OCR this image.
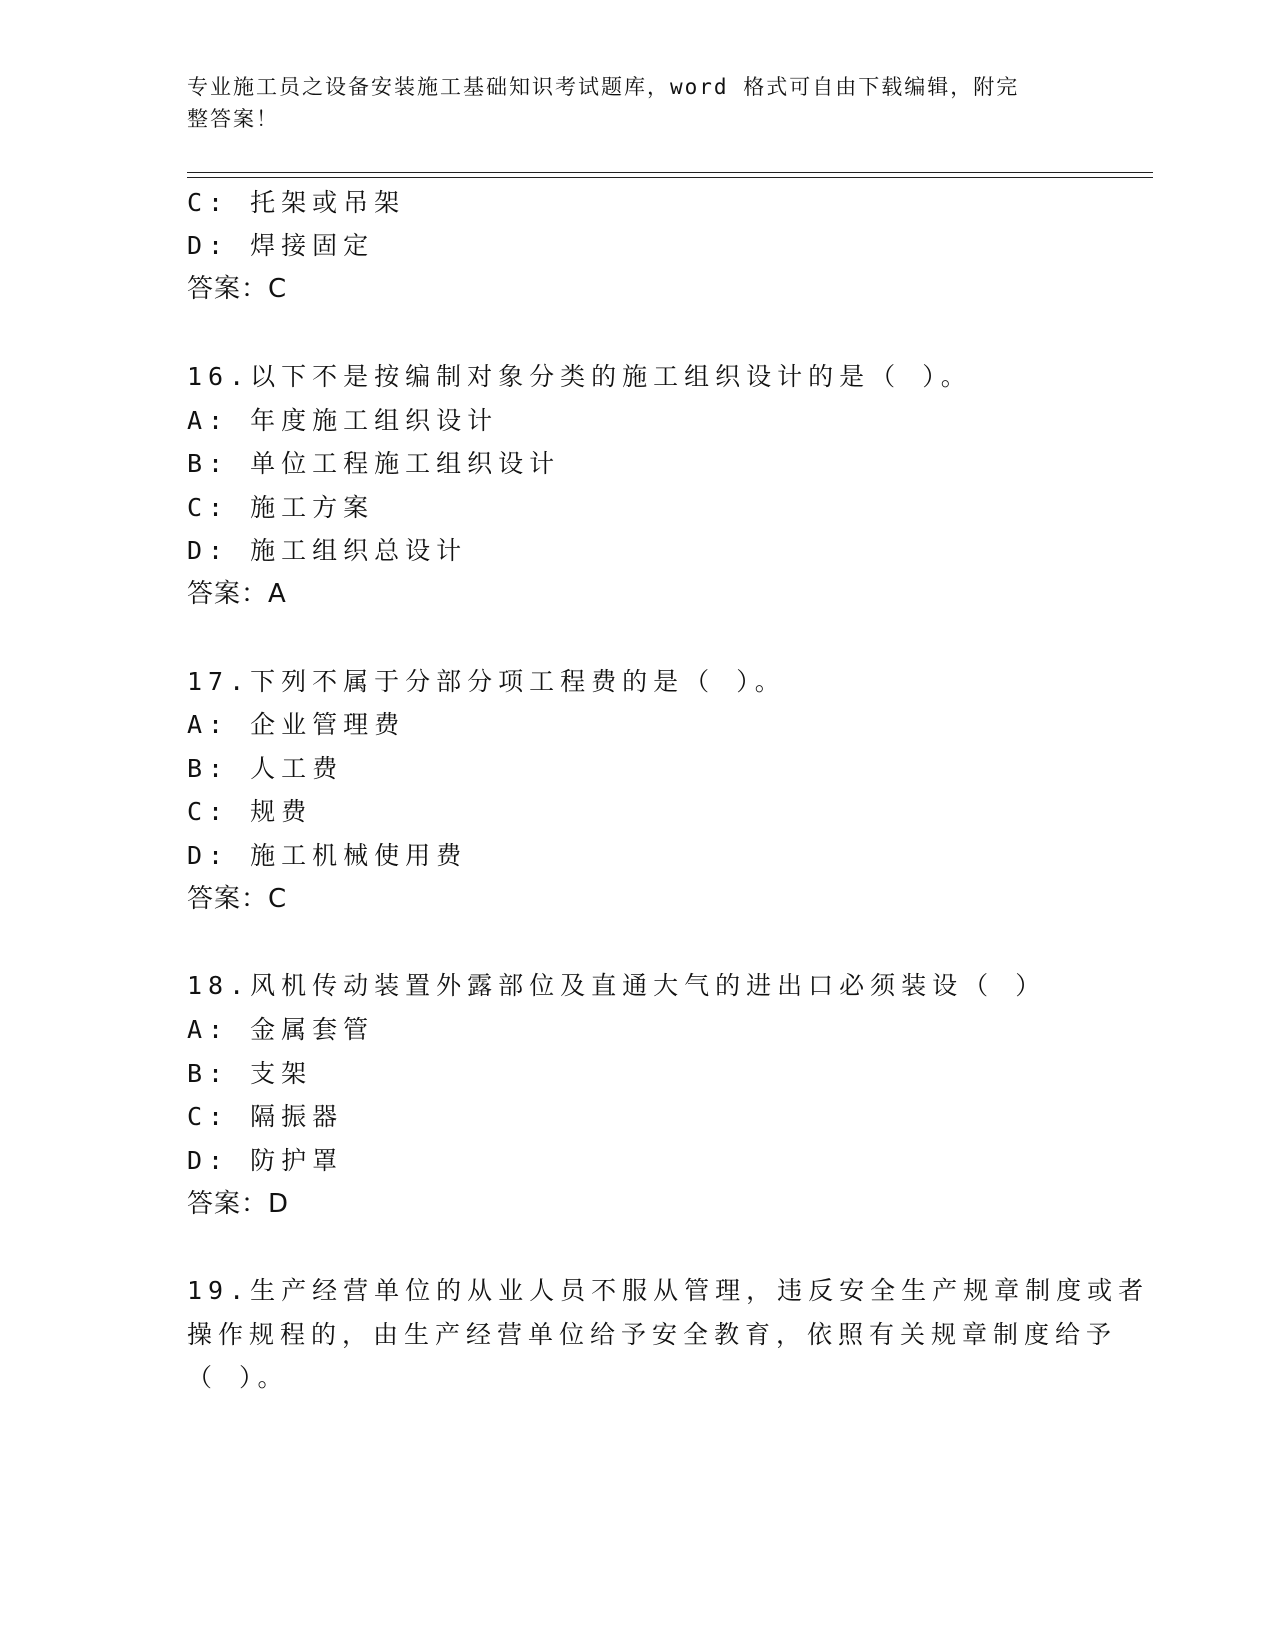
专业施工员之设备安装施工基础知识考试题库，word 格式可自由下载编辑，附完
整答案！
C: 托架或吊架
D: 焊接固定
答案：C
16.以下不是按编制对象分类的施工组织设计的是（ ）。
A: 年度施工组织设计
B: 单位工程施工组织设计
C: 施工方案
D: 施工组织总设计
答案：A
17.下列不属于分部分项工程费的是（ ）。
A: 企业管理费
B: 人工费
C: 规费
D: 施工机械使用费
答案：C
18.风机传动装置外露部位及直通大气的进出口必须装设（ ）
A: 金属套管
B: 支架
C: 隔振器
D: 防护罩
答案：D
19.生产经营单位的从业人员不服从管理，违反安全生产规章制度或者
操作规程的，由生产经营单位给予安全教育，依照有关规章制度给予
（ ）。
